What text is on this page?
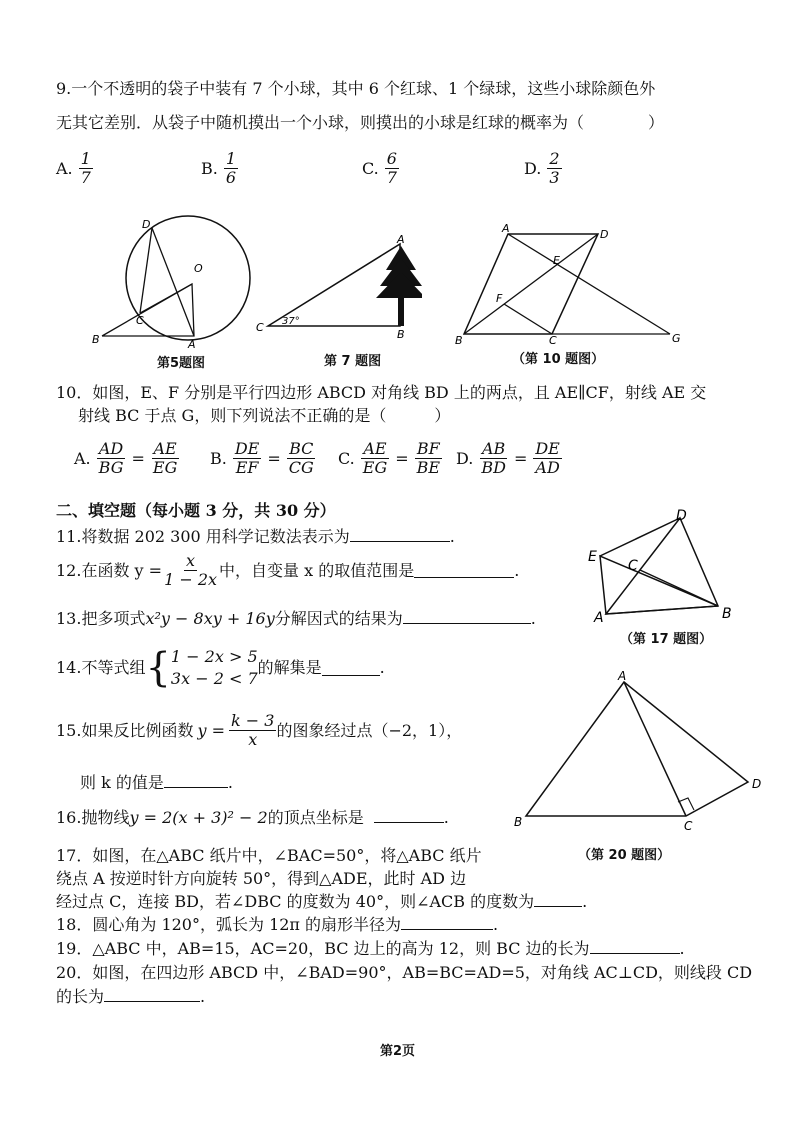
9.一个不透明的袋子中装有 7 个小球，其中 6 个红球、1 个绿球，这些小球除颜色外
无其它差别．从袋子中随机摸出一个小球，则摸出的小球是红球的概率为（　　　　）
A. $\frac{1}{7}$	B. $\frac{1}{6}$	C. $\frac{6}{7}$	D. $\frac{2}{3}$
B
D
O
C
A
第5题图
37°
C
B
A
第 7 题图
A	D
E
F
B	C	G
（第 10 题图）
10．如图，E、F 分别是平行四边形 ABCD 对角线 BD 上的两点，且 AE∥CF，射线 AE 交
射线 BC 于点 G，则下列说法不正确的是（　　　）
A. $\frac{AD}{BG} = \frac{AE}{EG} B$. $\frac{DE}{EF} = \frac{BC}{CG} C$. $\frac{AE}{EG} = \frac{BF}{BE} D$. $\frac{AB}{BD} = \frac{DE}{AD}$
二、填空题（每小题 3 分，共 30 分）
11.将数据 202 300 用科学记数法表示为	.
12.在函数 $y = \frac{x}{1 - 2x}$ 中，自变量 x 的取值范围是	.
13.把多项式x²y − 8xy + 16y分解因式的结果为	.
14.不等式组 { 1 − 2x > 5
3x − 2 < 7
的解集是	.
15.如果反比例函数 $y = \frac{k - 3}{x}$ 的图象经过点（−2，1），
则 k 的值是	.
16.抛物线y = 2(x + 3)² − 2的顶点坐标是	.
17．如图，在△ABC 纸片中，∠BAC=50°，将△ABC 纸片
绕点 A 按逆时针方向旋转 50°，得到△ADE，此时 AD 边
经过点 C，连接 BD，若∠DBC 的度数为 40°，则∠ACB 的度数为	.
18．圆心角为 120°，弧长为 12π 的扇形半径为	.
19．△ABC 中，AB=15，AC=20，BC 边上的高为 12，则 BC 边的长为	.
20．如图，在四边形 ABCD 中，∠BAD=90°，AB=BC=AD=5，对角线 AC⊥CD，则线段 CD
的长为	.
E
D
C
A	B
（第 17 题图）
A
D
B	C
（第 20 题图）
第2页
